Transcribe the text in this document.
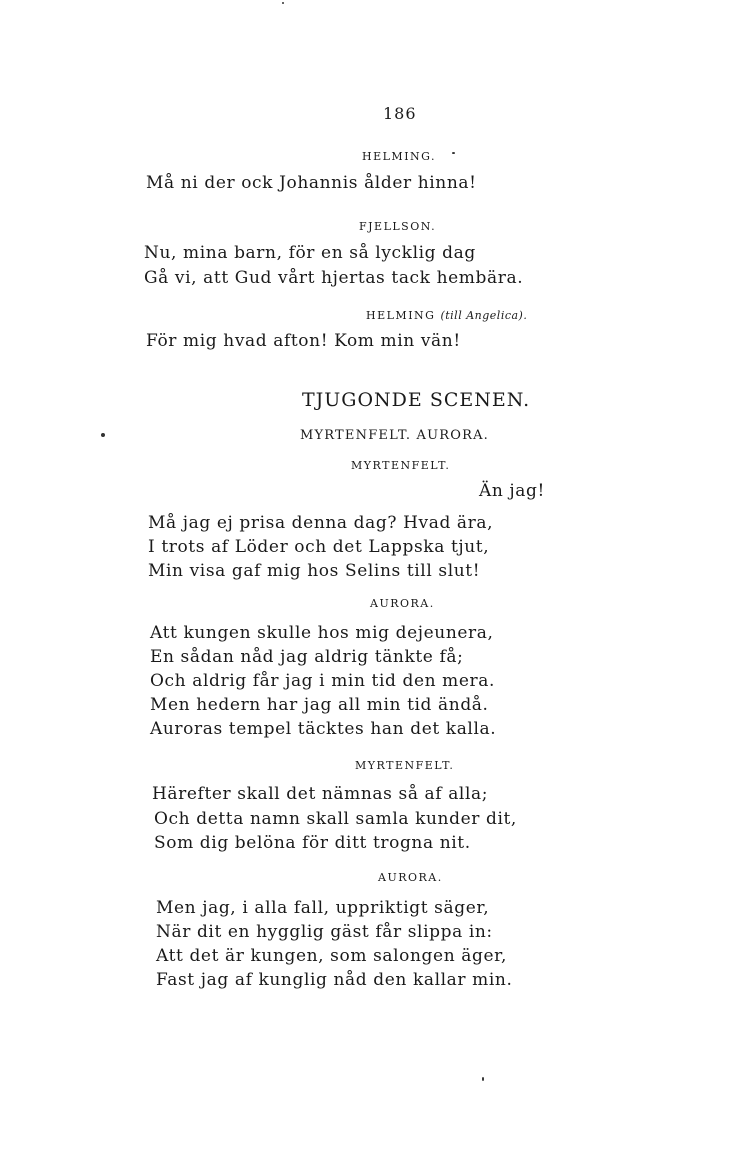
186
HELMING.
Må ni der ock Johannis ålder hinna!
FJELLSON.
Nu, mina barn, för en så lycklig dag
Gå vi, att Gud vårt hjertas tack hembära.
HELMING (till Angelica).
För mig hvad afton! Kom min vän!
TJUGONDE SCENEN.
MYRTENFELT. AURORA.
MYRTENFELT.
Än jag!
Må jag ej prisa denna dag? Hvad ära,
I trots af Löder och det Lappska tjut,
Min visa gaf mig hos Selins till slut!
AURORA.
Att kungen skulle hos mig dejeunera,
En sådan nåd jag aldrig tänkte få;
Och aldrig får jag i min tid den mera.
Men hedern har jag all min tid ändå.
Auroras tempel täcktes han det kalla.
MYRTENFELT.
Härefter skall det nämnas så af alla;
Och detta namn skall samla kunder dit,
Som dig belöna för ditt trogna nit.
AURORA.
Men jag, i alla fall, uppriktigt säger,
När dit en hygglig gäst får slippa in:
Att det är kungen, som salongen äger,
Fast jag af kunglig nåd den kallar min.
